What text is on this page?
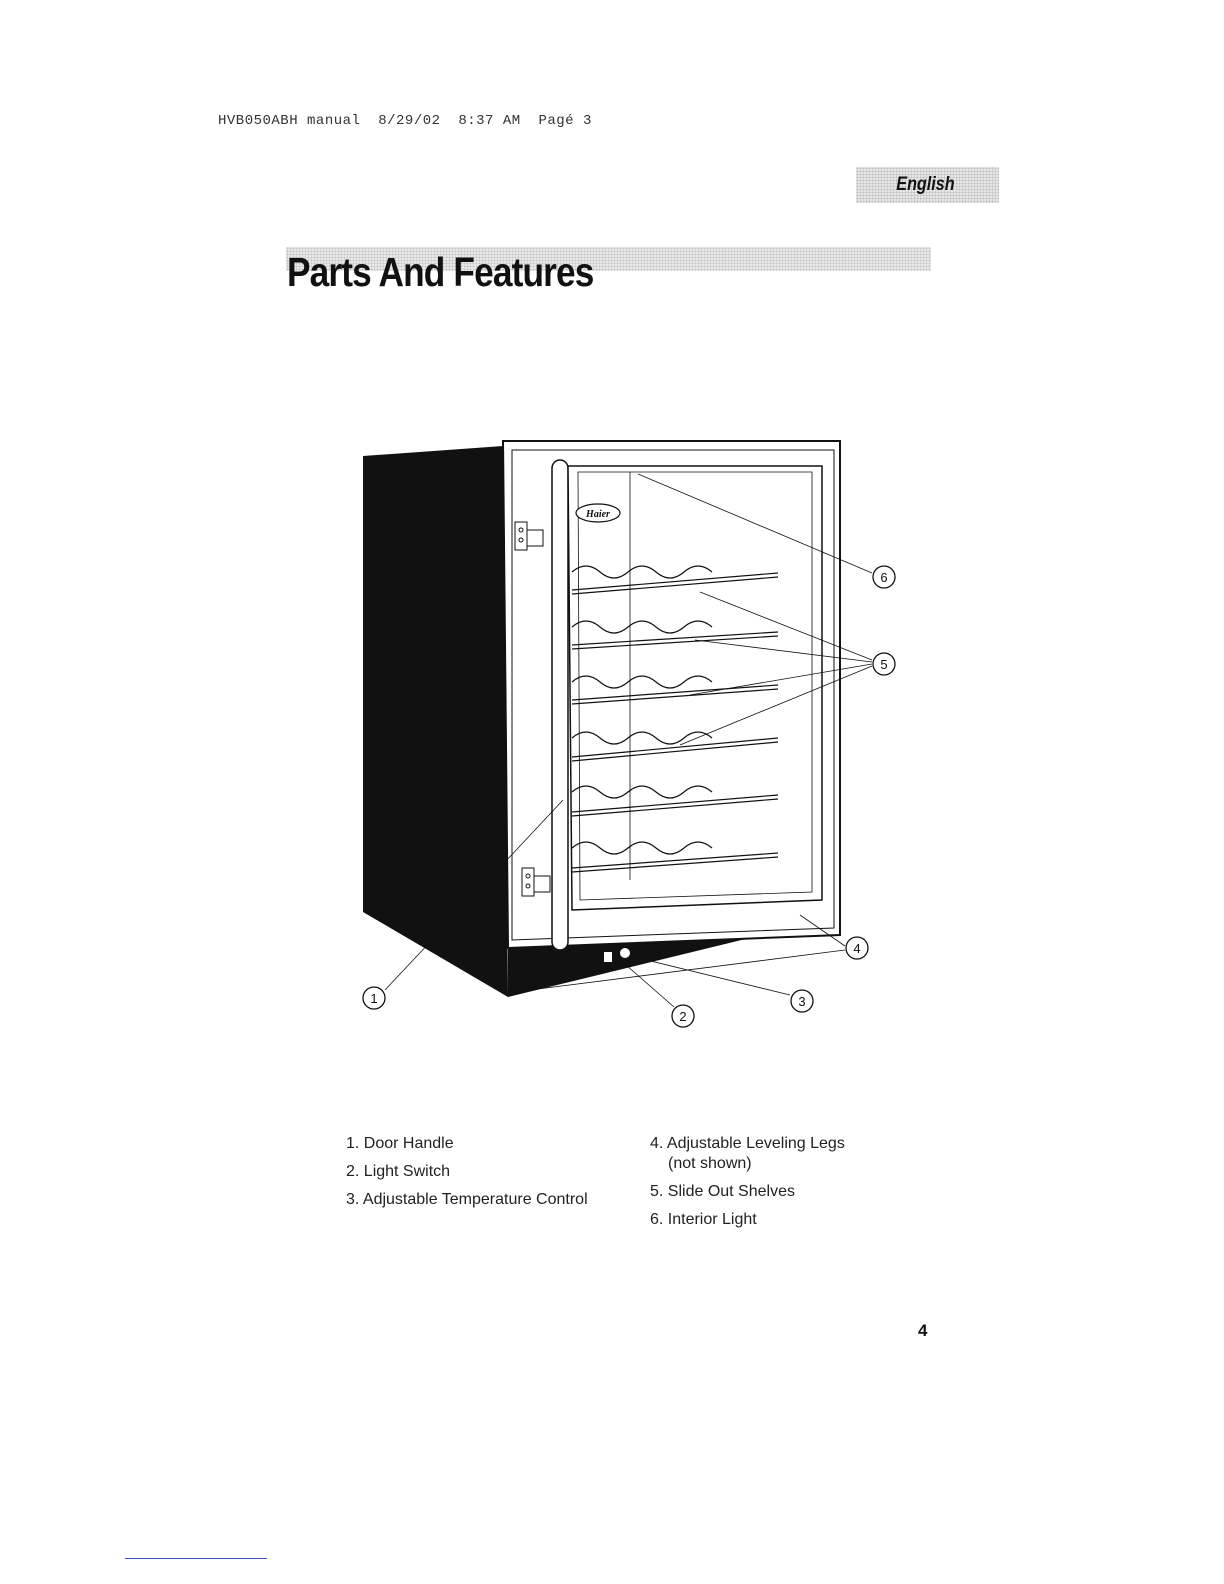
HVB050ABH manual  8/29/02  8:37 AM  Pagé 3
English
Parts And Features
Haier
1
2
3
4
5
6
1. Door Handle
2. Light Switch
3. Adjustable Temperature Control
4. Adjustable Leveling Legs
(not shown)
5. Slide Out Shelves
6. Interior Light
4
